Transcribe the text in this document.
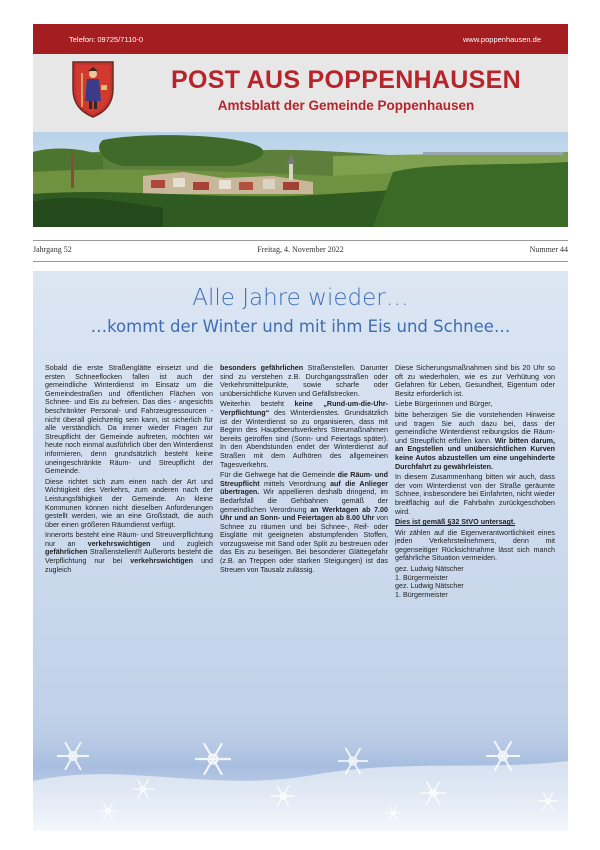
Telefon: 09725/7110-0	www.poppenhausen.de
POST AUS POPPENHAUSEN
Amtsblatt der Gemeinde Poppenhausen
Jahrgang 52	Freitag, 4. November 2022	Nummer 44
Alle Jahre wieder…
…kommt der Winter und mit ihm Eis und Schnee…

Sobald die erste Straßenglätte einsetzt und die ersten Schneeflocken fallen ist auch der gemeindliche Winterdienst im Einsatz um die Gemeindestraßen und öffentlichen Flächen von Schnee- und Eis zu befreien. Das dies - angesichts beschränkter Personal- und Fahrzeugressourcen - nicht überall gleichzeitig sein kann, ist sicherlich für alle verständlich. Da immer wieder Fragen zur Streupflicht der Gemeinde auftreten, möchten wir heute noch einmal ausführlich über den Winterdienst informieren, denn grundsätzlich besteht keine uneingeschränkte Räum- und Streupflicht der Gemeinde.

Diese richtet sich zum einen nach der Art und Wichtigkeit des Verkehrs, zum anderen nach der Leistungsfähigkeit der Gemeinde. An kleine Kommunen können nicht dieselben Anforderungen gestellt werden, wie an eine Großstadt, die auch über einen größeren Räumdienst verfügt.

Innerorts besteht eine Räum- und Streuverpflichtung nur an verkehrswichtigen und zugleich gefährlichen Straßenstellen!!! Außerorts besteht die Verpflichtung nur bei verkehrswichtigen und zugleich

besonders gefährlichen Straßenstellen. Darunter sind zu verstehen z.B. Durchgangsstraßen oder Verkehrsmittelpunkte, sowie scharfe oder unübersichtliche Kurven und Gefällstrecken.

Weiterhin besteht keine „Rund-um-die-Uhr-Verpflichtung“ des Winterdienstes. Grundsätzlich ist der Winterdienst so zu organisieren, dass mit Beginn des Hauptberufsverkehrs Streumaßnahmen bereits getroffen sind (Sonn- und Feiertags später). In den Abendstunden endet der Winterdienst auf Straßen mit dem Aufhören des allgemeinen Tagesverkehrs.

Für die Gehwege hat die Gemeinde die Räum- und Streupflicht mittels Verordnung auf die Anlieger übertragen. Wir appellieren deshalb dringend, im Bedarfsfall die Gehbahnen gemäß der gemeindlichen Verordnung an Werktagen ab 7.00 Uhr und an Sonn- und Feiertagen ab 8.00 Uhr von Schnee zu räumen und bei Schnee-, Reif- oder Eisglätte mit geeigneten abstumpfenden Stoffen, vorzugsweise mit Sand oder Split zu bestreuen oder das Eis zu beseitigen. Bei besonderer Glättegefahr (z.B. an Treppen oder starken Steigungen) ist das Streuen von Tausalz zulässig.

Diese Sicherungsmaßnahmen sind bis 20 Uhr so oft zu wiederholen, wie es zur Verhütung von Gefahren für Leben, Gesundheit, Eigentum oder Besitz erforderlich ist.

Liebe Bürgerinnen und Bürger,

bitte beherzigen Sie die vorstehenden Hinweise und tragen Sie auch dazu bei, dass der gemeindliche Winterdienst reibungslos die Räum- und Streupflicht erfüllen kann. Wir bitten darum, an Engstellen und unübersichtlichen Kurven keine Autos abzustellen um eine ungehinderte Durchfahrt zu gewährleisten.

In diesem Zusammenhang bitten wir auch, dass der vom Winterdienst von der Straße geräumte Schnee, insbesondere bei Einfahrten, nicht wieder breitflächig auf die Fahrbahn zurückgeschoben wird.

Dies ist gemäß §32 StVO untersagt.

Wir zählen auf die Eigenverantwortlichkeit eines jeden Verkehrsteilnehmers, denn mit gegenseitiger Rücksichtnahme lässt sich manch gefährliche Situation vermeiden.

gez. Ludwig Nätscher
1. Bürgermeister
gez. Ludwig Nätscher
1. Bürgermeister
